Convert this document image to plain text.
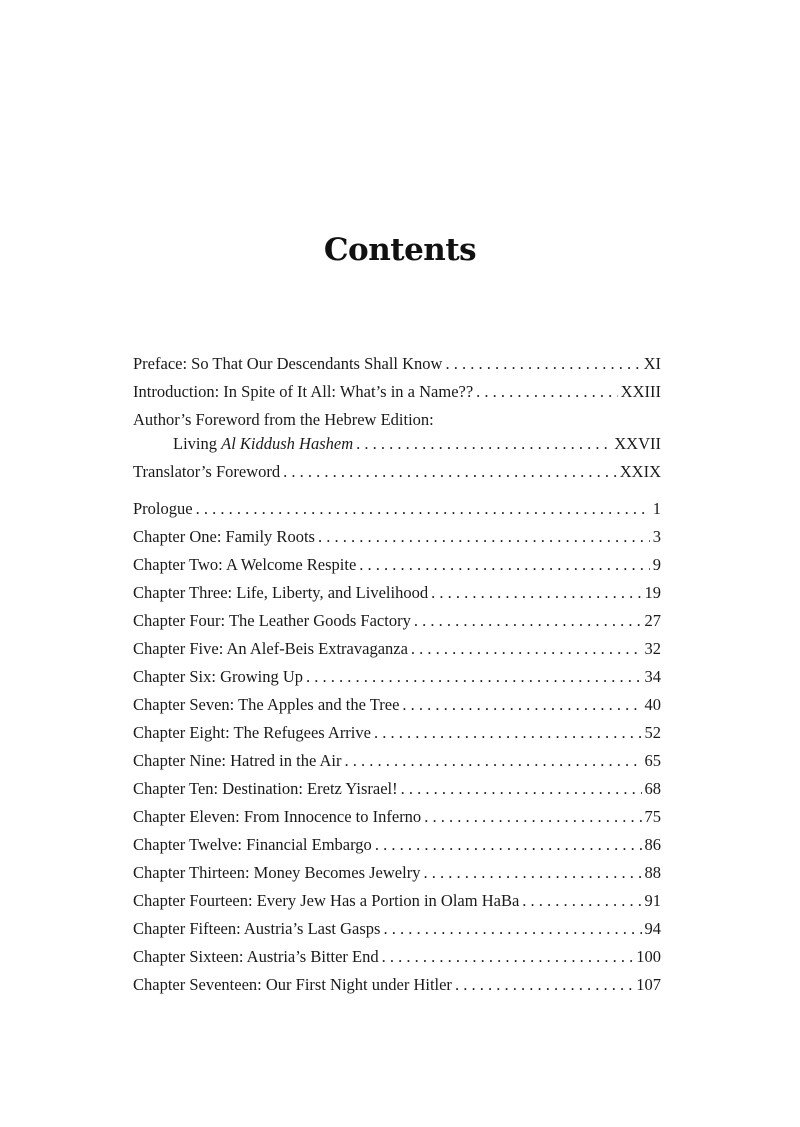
Contents
Preface: So That Our Descendants Shall Know . . .	XI
Introduction: In Spite of It All: What’s in a Name?? . . .	XXIII
Author’s Foreword from the Hebrew Edition:
Living Al Kiddush Hashem . . .	XXVII
Translator’s Foreword . . .	XXIX
Prologue . . .	1
Chapter One: Family Roots . . .	3
Chapter Two: A Welcome Respite . . .	9
Chapter Three: Life, Liberty, and Livelihood . . .	19
Chapter Four: The Leather Goods Factory . . .	27
Chapter Five: An Alef-Beis Extravaganza . . .	32
Chapter Six: Growing Up . . .	34
Chapter Seven: The Apples and the Tree . . .	40
Chapter Eight: The Refugees Arrive . . .	52
Chapter Nine: Hatred in the Air . . .	65
Chapter Ten: Destination: Eretz Yisrael! . . .	68
Chapter Eleven: From Innocence to Inferno . . .	75
Chapter Twelve: Financial Embargo . . .	86
Chapter Thirteen: Money Becomes Jewelry . . .	88
Chapter Fourteen: Every Jew Has a Portion in Olam HaBa . . .	91
Chapter Fifteen: Austria’s Last Gasps . . .	94
Chapter Sixteen: Austria’s Bitter End . . .	100
Chapter Seventeen: Our First Night under Hitler . . .	107
